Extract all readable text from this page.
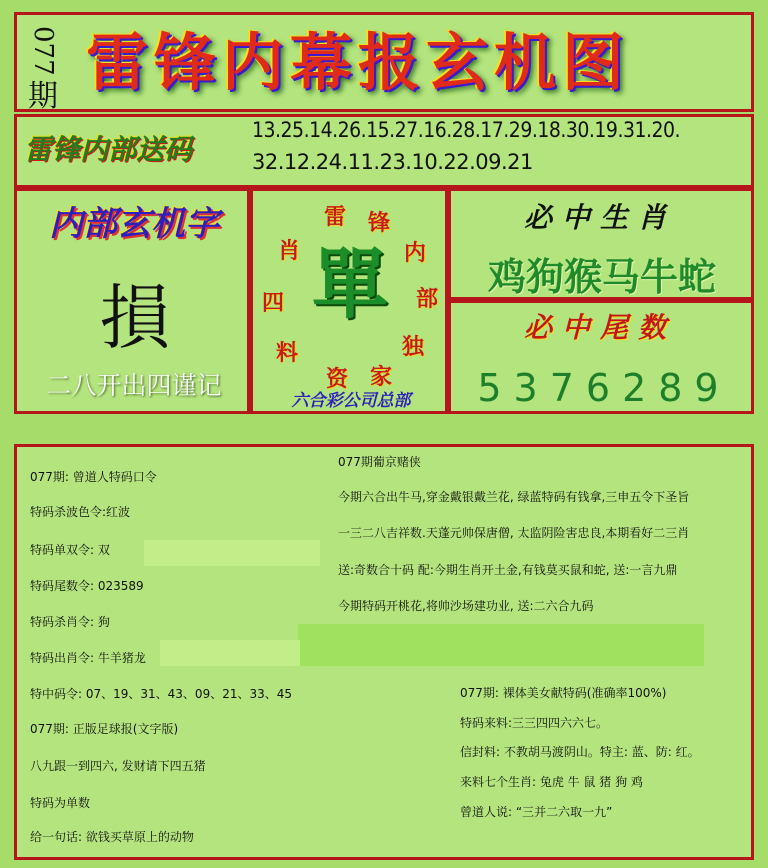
077
期 雷锋内幕报玄机图
雷锋内部送码
13.25.14.26.15.27.16.28.17.29.18.30.19.31.20.
32.12.24.11.23.10.22.09.21
内部玄机字
損
二八开出四谨记
雷 锋
内
部
独
家
资
料
四
肖 單
六合彩公司总部
必中生肖
鸡狗猴马牛蛇
必中尾数
5376289
077期: 曾道人特码口令
特码杀波色令:红波
特码单双令: 双
特码尾数令: 023589
特码杀肖令: 狗
特码出肖令: 牛羊猪龙
特中码令: 07、19、31、43、09、21、33、45
077期: 正版足球报(文字版)
八九跟一到四六, 发财请下四五猪
特码为单数
给一句话: 欲钱买草原上的动物
077期葡京赌侠
今期六合出牛马,穿金戴银戴兰花, 绿蓝特码有钱拿,三申五令下圣旨
一三二八吉祥数.天蓬元帅保唐僧, 太监阴险害忠良,本期看好二三肖
送:奇数合十码 配:今期生肖开土金,有钱莫买鼠和蛇, 送:一言九鼎
今期特码开桃花,将帅沙场建功业, 送:二六合九码
077期: 裸体美女献特码(准确率100%)
特码来料:三三四四六六七。
信封料: 不教胡马渡阴山。特主: 蓝、防: 红。
来料七个生肖: 兔虎 牛 鼠 猪 狗 鸡
曾道人说: “三并二六取一九”
